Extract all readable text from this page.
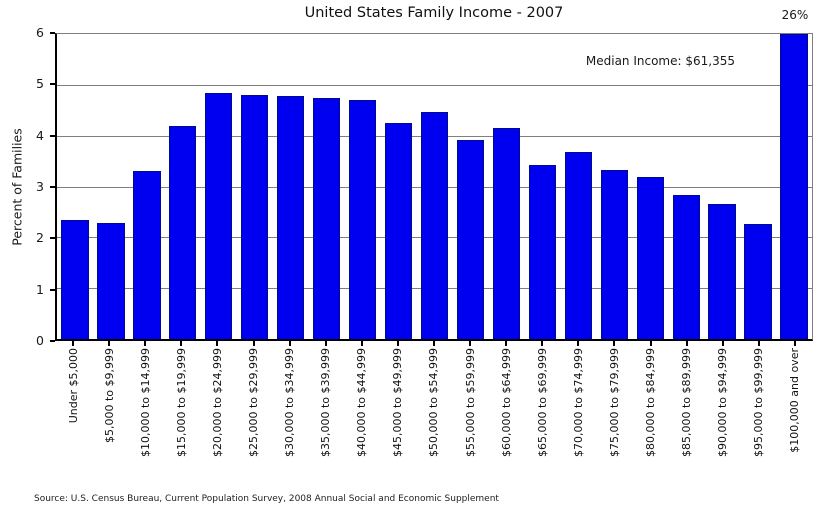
United States Family Income - 2007	26%
Percent of Families
0
1
2
3
4
5
6
Median Income: $61,355
Under $5,000 $5,000 to $9,999 $10,000 to $14,999 $15,000 to $19,999 $20,000 to $24,999 $25,000 to $29,999 $30,000 to $34,999 $35,000 to $39,999 $40,000 to $44,999 $45,000 to $49,999 $50,000 to $54,999 $55,000 to $59,999 $60,000 to $64,999 $65,000 to $69,999 $70,000 to $74,999 $75,000 to $79,999 $80,000 to $84,999 $85,000 to $89,999 $90,000 to $94,999 $95,000 to $99,999 $100,000 and over
Source: U.S. Census Bureau, Current Population Survey, 2008 Annual Social and Economic Supplement
